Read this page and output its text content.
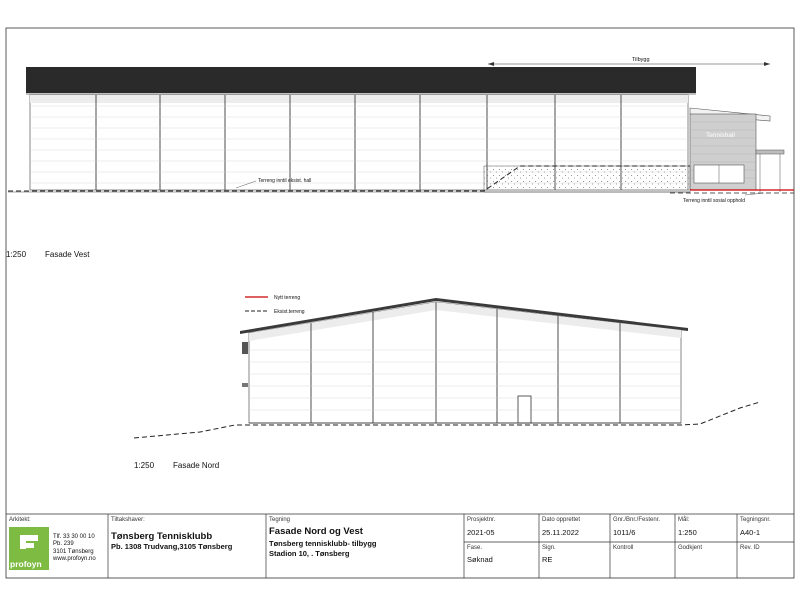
Tilbygg
Tennishall
Terreng inntil eksist. hall
Terreng inntil sosial opphold
1:250 Fasade Vest
Nytt terreng
Eksist.terreng
1:250 Fasade Nord
Arkitekt:
profoyn
Tlf. 33 30 00 10
Pb. 239
3101 Tønsberg
www.profoyn.no
Tiltakshaver:
Tønsberg Tennisklubb
Pb. 1308 Trudvang,3105 Tønsberg
Tegning
Fasade Nord og Vest
Tønsberg tennisklubb- tilbygg
Stadion 10, . Tønsberg
Prosjektnr.
2021-05
Dato opprettet
25.11.2022
Gnr./Bnr./Festenr.
1011/6
Mål:
1:250
Tegningsnr.
A40-1
Fase.
Søknad
Sign.
RE
Kontroll	Godkjent	Rev. ID
